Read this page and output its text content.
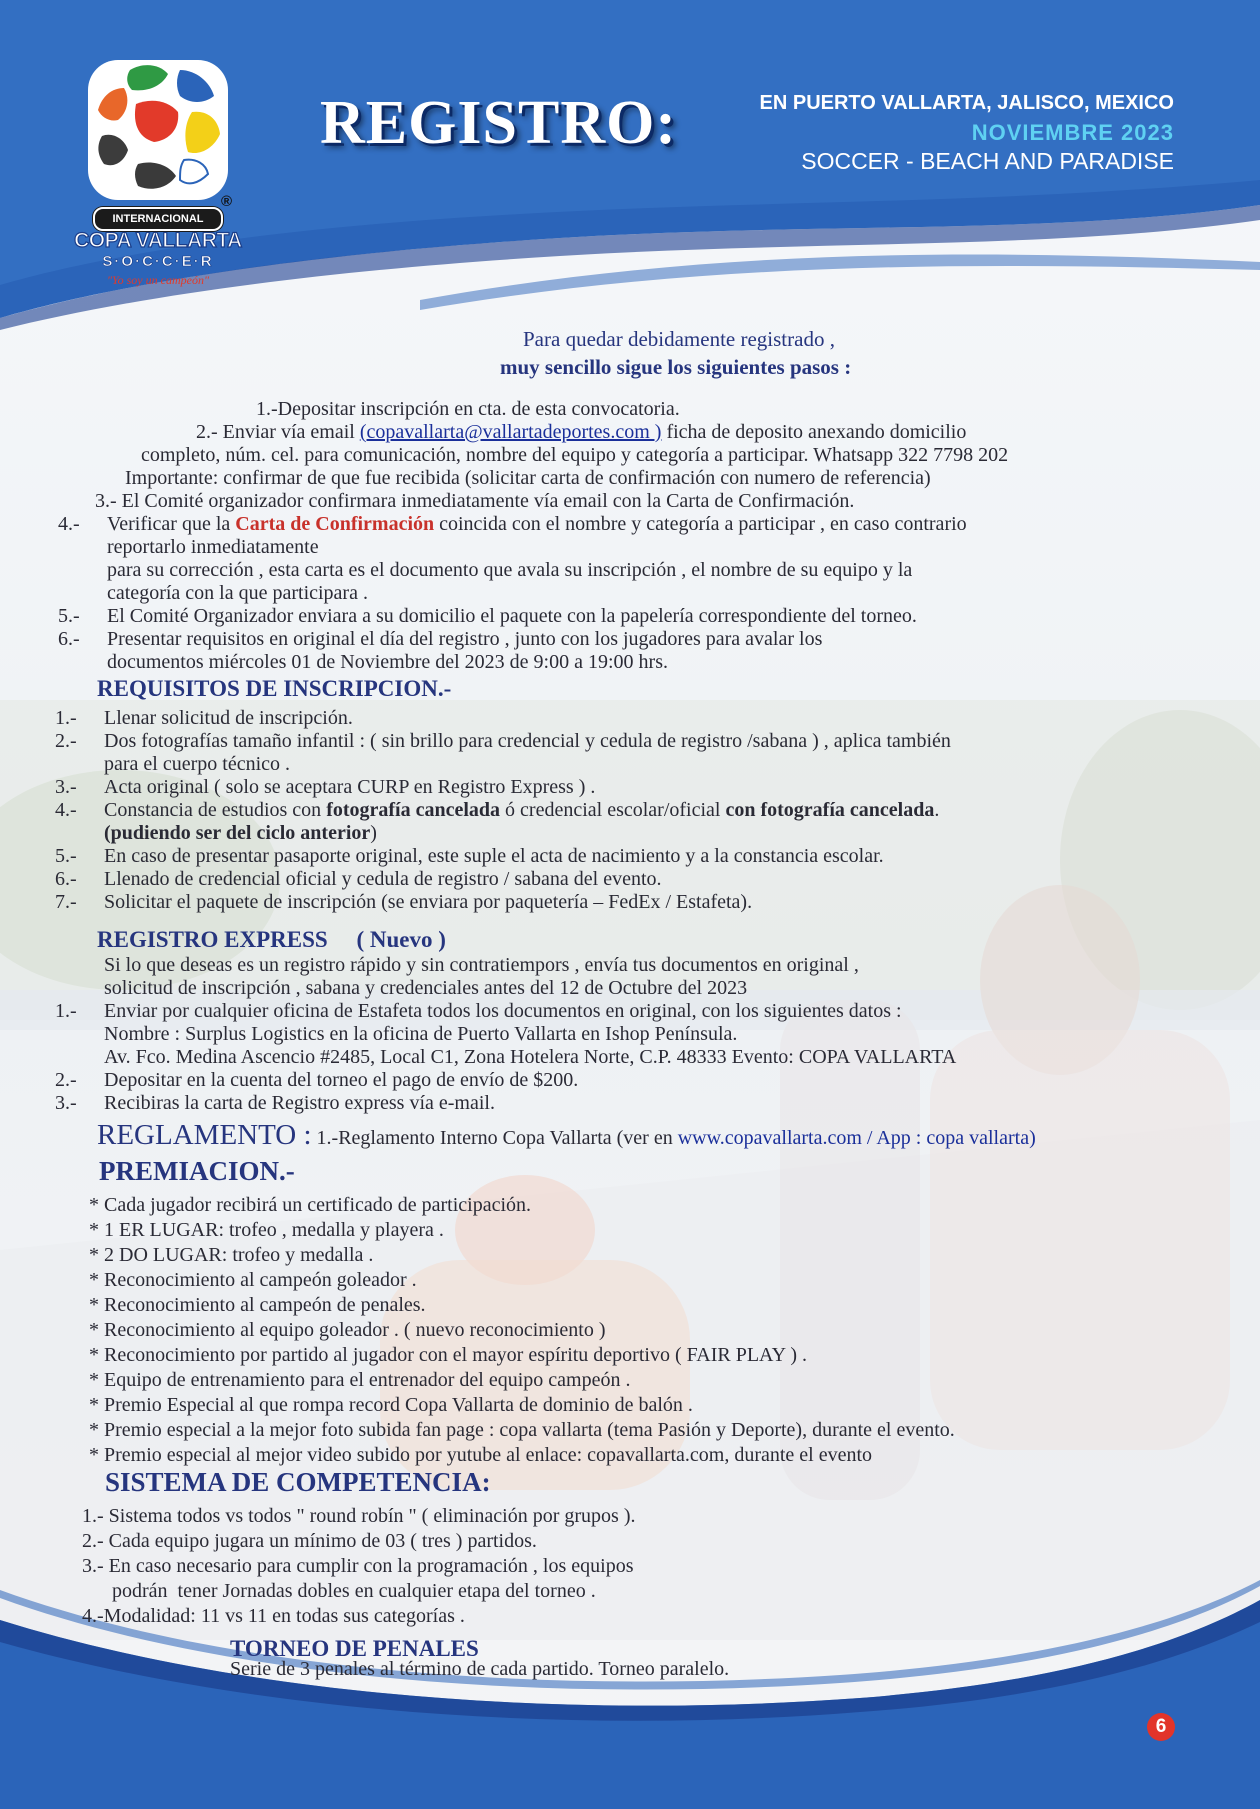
INTERNACIONAL
®
COPA VALLARTA
S·O·C·C·E·R
"Yo soy un campeón"
REGISTRO:	EN PUERTO VALLARTA, JALISCO, MEXICO
NOVIEMBRE 2023
SOCCER - BEACH AND PARADISE
Para quedar debidamente registrado ,
muy sencillo sigue los siguientes pasos :
1.-Depositar inscripción en cta. de esta convocatoria.
2.- Enviar vía email (copavallarta@vallartadeportes.com ) ficha de deposito anexando domicilio
completo, núm. cel. para comunicación, nombre del equipo y categoría a participar. Whatsapp 322 7798 202
Importante: confirmar de que fue recibida (solicitar carta de confirmación con numero de referencia)
3.- El Comité organizador confirmara inmediatamente vía email con la Carta de Confirmación.
4.- Verificar que la Carta de Confirmación coincida con el nombre y categoría a participar , en caso contrario
reportarlo inmediatamente
para su corrección , esta carta es el documento que avala su inscripción , el nombre de su equipo y la
categoría con la que participara .
5.- El Comité Organizador enviara a su domicilio el paquete con la papelería correspondiente del torneo.
6.- Presentar requisitos en original el día del registro , junto con los jugadores para avalar los
documentos miércoles 01 de Noviembre del 2023 de 9:00 a 19:00 hrs.
REQUISITOS DE INSCRIPCION.-
1.- Llenar solicitud de inscripción.
2.- Dos fotografías tamaño infantil : ( sin brillo para credencial y cedula de registro /sabana ) , aplica también
para el cuerpo técnico .
3.- Acta original ( solo se aceptara CURP en Registro Express ) .
4.- Constancia de estudios con fotografía cancelada ó credencial escolar/oficial con fotografía cancelada.
(pudiendo ser del ciclo anterior)
5.- En caso de presentar pasaporte original, este suple el acta de nacimiento y a la constancia escolar.
6.- Llenado de credencial oficial y cedula de registro / sabana del evento.
7.- Solicitar el paquete de inscripción (se enviara por paquetería – FedEx / Estafeta).
REGISTRO EXPRESS     ( Nuevo )
Si lo que deseas es un registro rápido y sin contratiempors , envía tus documentos en original ,
solicitud de inscripción , sabana y credenciales antes del 12 de Octubre del 2023
1.- Enviar por cualquier oficina de Estafeta todos los documentos en original, con los siguientes datos :
Nombre : Surplus Logistics en la oficina de Puerto Vallarta en Ishop Península.
Av. Fco. Medina Ascencio #2485, Local C1, Zona Hotelera Norte, C.P. 48333 Evento: COPA VALLARTA
2.- Depositar en la cuenta del torneo el pago de envío de $200.
3.- Recibiras la carta de Registro express vía e-mail.
REGLAMENTO : 1.-Reglamento Interno Copa Vallarta (ver en www.copavallarta.com / App : copa vallarta)
PREMIACION.-
* Cada jugador recibirá un certificado de participación.
* 1 ER LUGAR: trofeo , medalla y playera .
* 2 DO LUGAR: trofeo y medalla .
* Reconocimiento al campeón goleador .
* Reconocimiento al campeón de penales.
* Reconocimiento al equipo goleador . ( nuevo reconocimiento )
* Reconocimiento por partido al jugador con el mayor espíritu deportivo ( FAIR PLAY ) .
* Equipo de entrenamiento para el entrenador del equipo campeón .
* Premio Especial al que rompa record Copa Vallarta de dominio de balón .
* Premio especial a la mejor foto subida fan page : copa vallarta (tema Pasión y Deporte), durante el evento.
* Premio especial al mejor video subido por yutube al enlace: copavallarta.com, durante el evento
SISTEMA DE COMPETENCIA:
1.- Sistema todos vs todos " round robín " ( eliminación por grupos ).
2.- Cada equipo jugara un mínimo de 03 ( tres ) partidos.
3.- En caso necesario para cumplir con la programación , los equipos
podrán  tener Jornadas dobles en cualquier etapa del torneo .
4.-Modalidad: 11 vs 11 en todas sus categorías .
TORNEO DE PENALES
Serie de 3 penales al término de cada partido. Torneo paralelo.
6
